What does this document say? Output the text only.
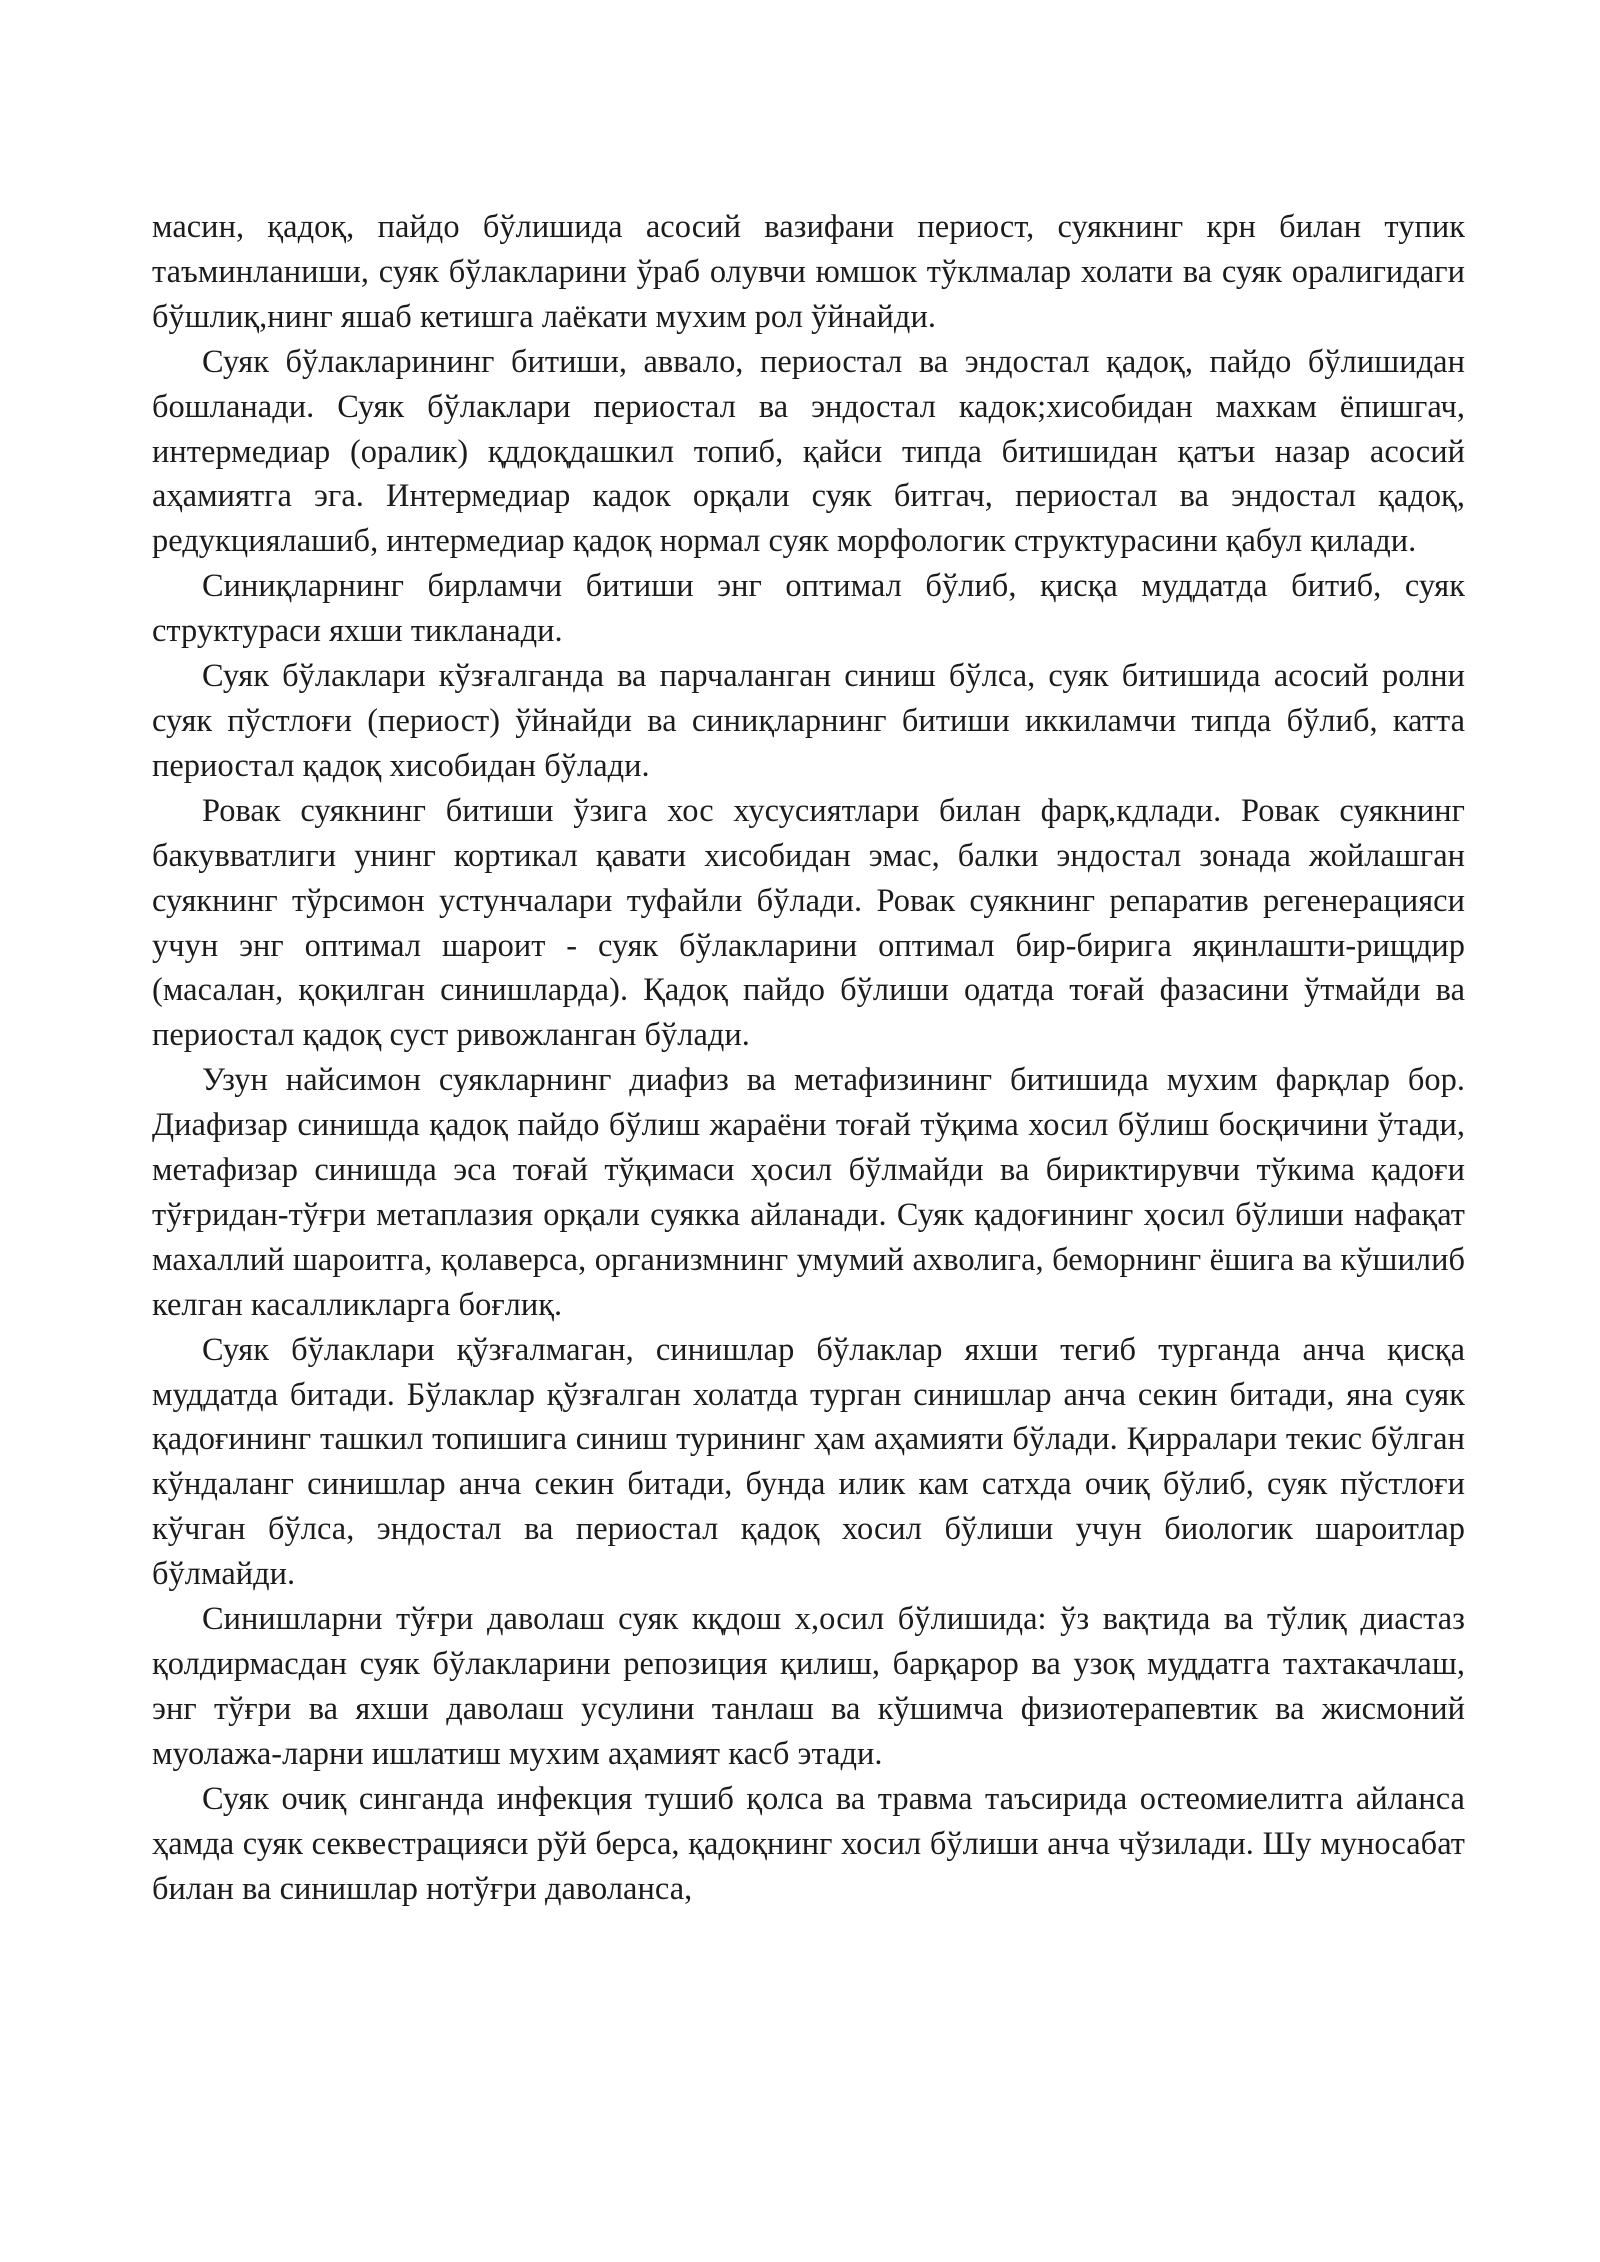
масин, қадоқ, пайдо бўлишида асосий вазифани периост, суякнинг крн билан тупик таъминланиши, суяк бўлакларини ўраб олувчи юмшок тўклмалар холати ва суяк оралигидаги бўшлиқ,нинг яшаб кетишга лаёкати мухим рол ўйнайди.

Суяк бўлакларининг битиши, аввало, периостал ва эндостал қадоқ, пайдо бўлишидан бошланади. Суяк бўлаклари периостал ва эндостал кадок;хисобидан махкам ёпишгач, интермедиар (оралик) қддоқдашкил топиб, қайси типда битишидан қатъи назар асосий аҳамиятга эга. Интермедиар кадок орқали суяк битгач, периостал ва эндостал қадоқ, редукциялашиб, интермедиар қадоқ нормал суяк морфологик структурасини қабул қилади.

Синиқларнинг бирламчи битиши энг оптимал бўлиб, қисқа муддатда битиб, суяк структураси яхши тикланади.

Суяк бўлаклари кўзғалганда ва парчаланган синиш бўлса, суяк битишида асосий ролни суяк пўстлоғи (периост) ўйнайди ва синиқларнинг битиши иккиламчи типда бўлиб, катта периостал қадоқ хисобидан бўлади.

Ровак суякнинг битиши ўзига хос хусусиятлари билан фарқ,кдлади. Ровак суякнинг бакувватлиги унинг кортикал қавати хисобидан эмас, балки эндостал зонада жойлашган суякнинг тўрсимон устунчалари туфайли бўлади. Ровак суякнинг репаратив регенерацияси учун энг оптимал шароит - суяк бўлакларини оптимал бир-бирига яқинлашти-рищдир (масалан, қоқилган синишларда). Қадоқ пайдо бўлиши одатда тоғай фазасини ўтмайди ва периостал қадоқ суст ривожланган бўлади.

Узун найсимон суякларнинг диафиз ва метафизининг битишида мухим фарқлар бор. Диафизар синишда қадоқ пайдо бўлиш жараёни тоғай тўқима хосил бўлиш босқичини ўтади, метафизар синишда эса тоғай тўқимаси ҳосил бўлмайди ва бириктирувчи тўкима қадоғи тўғридан-тўғри метаплазия орқали суякка айланади. Суяк қадоғининг ҳосил бўлиши нафақат махаллий шароитга, қолаверса, организмнинг умумий ахволига, беморнинг ёшига ва кўшилиб келган касалликларга боғлиқ.

Суяк бўлаклари қўзғалмаган, синишлар бўлаклар яхши тегиб турганда анча қисқа муддатда битади. Бўлаклар қўзғалган холатда турган синишлар анча секин битади, яна суяк қадоғининг ташкил топишига синиш турининг ҳам аҳамияти бўлади. Қирралари текис бўлган кўндаланг синишлар анча секин битади, бунда илик кам сатхда очиқ бўлиб, суяк пўстлоғи кўчган бўлса, эндостал ва периостал қадоқ хосил бўлиши учун биологик шароитлар бўлмайди.

Синишларни тўғри даволаш суяк кқдош х,осил бўлишида: ўз вақтида ва тўлиқ диастаз қолдирмасдан суяк бўлакларини репозиция қилиш, барқарор ва узоқ муддатга тахтакачлаш, энг тўғри ва яхши даволаш усулини танлаш ва кўшимча физиотерапевтик ва жисмоний муолажа-ларни ишлатиш мухим аҳамият касб этади.

Суяк очиқ синганда инфекция тушиб қолса ва травма таъсирида остеомиелитга айланса ҳамда суяк секвестрацияси рўй берса, қадоқнинг хосил бўлиши анча чўзилади. Шу муносабат билан ва синишлар нотўғри даволанса,
